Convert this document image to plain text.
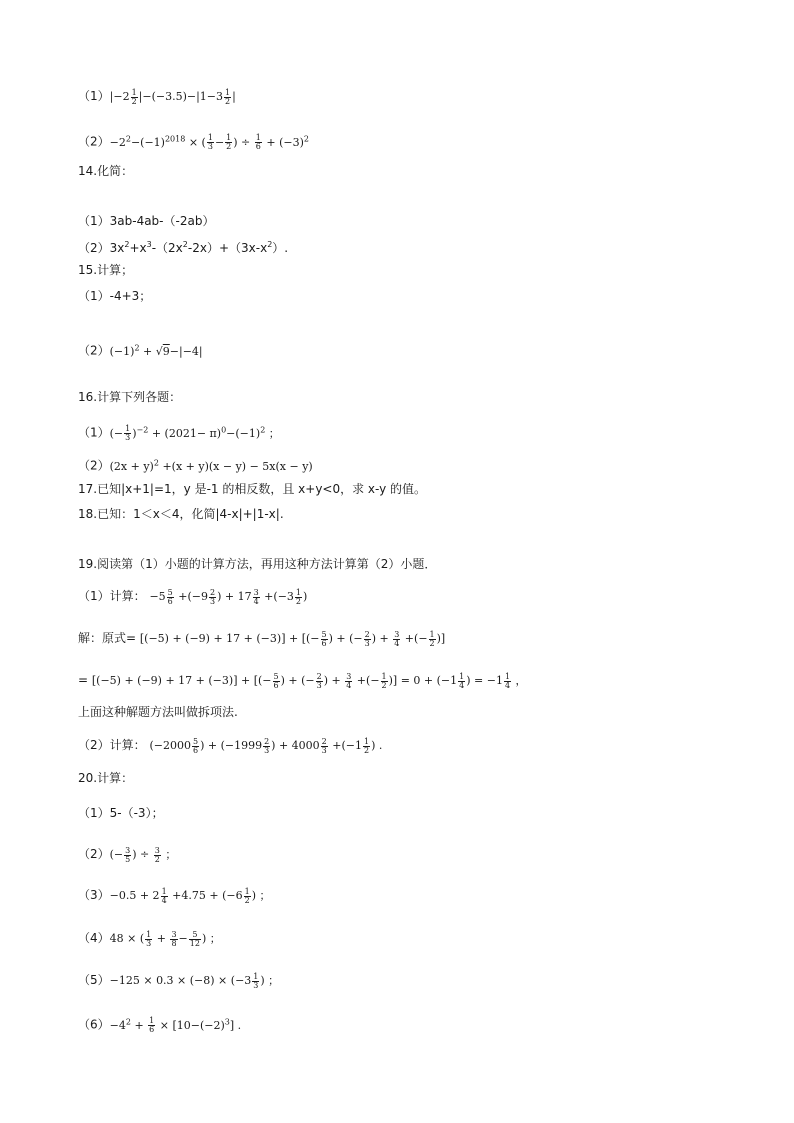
$(1)|-2 \frac{1}{2} |-(-3.5)-|1-3 \frac{1}{2}$ |
$(2)-2^2-(-1)^{2018}$ × ( $\frac{1}{3} - \frac{1}{2}$ ) ÷ $\frac{1}{6} + (-3)^2$
14.化简：
（1）3ab-4ab-（-2ab）
$(2)3x^2+x^3-(2x^2-2x)+(3x-x^2)$.
15.计算；
（1）-4+3；
$(2)(-1)^2 + √9-|-4|$
16.计算下列各题：
$(1)(- \frac{1}{3} )^{-2} + (2021- \pi)^0-(-1)^2$ ；
$(2)(2x + y)^2 +(x + y)(x - y) - 5x(x - y)$
17.已知|x+1|=1，y 是-1 的相反数，且 x+y<0，求 x-y 的值。
18.已知：1＜x＜4，化简|4-x|+|1-x|.
19.阅读第（1）小题的计算方法，再用这种方法计算第（2）小题．
（1）计算： $-5 \frac{5}{6} +(-9 \frac{2}{3}$ ) + $17 \frac{3}{4} +(-3 \frac{1}{2}$ )
解：原式= [(−5) + (−9) + 17 + (−3)] + [(− $\frac{5}{6}$ ) + (− $\frac{2}{3}$ ) + $\frac{3}{4}$ +(− $\frac{1}{2}$ )]
= [(−5) + (−9) + 17 + (−3)] + [(− $\frac{5}{6}$ ) + (− $\frac{2}{3}$ ) + $\frac{3}{4}$ +(− $\frac{1}{2}$ )] = $0 + (-1 \frac{1}{4}$ ) = $-1 \frac{1}{4}$ ，
上面这种解题方法叫做拆项法.
（2）计算： ($-2000 \frac{5}{6}$ ) + ($-1999 \frac{2}{3}$ ) + $4000 \frac{2}{3} +(-1 \frac{1}{2}$ ) .
20.计算：
（1）5-（-3）；
$(2)(- \frac{3}{5}$ ) ÷ $\frac{3}{2}$ ；
$(3)-0.5 + 2 \frac{1}{4} +4.75 + (-6 \frac{1}{2}$ ) ；
（4）48 × ( $\frac{1}{3} + \frac{3}{8} - \frac{5}{12}$ ) ；
$(5)-125 \times 0.3 \times (-8) \times (-3 \frac{1}{3}$ ) ；
$(6)-4^2 + \frac{1}{6} \times [10-(-2)^3]$ .
